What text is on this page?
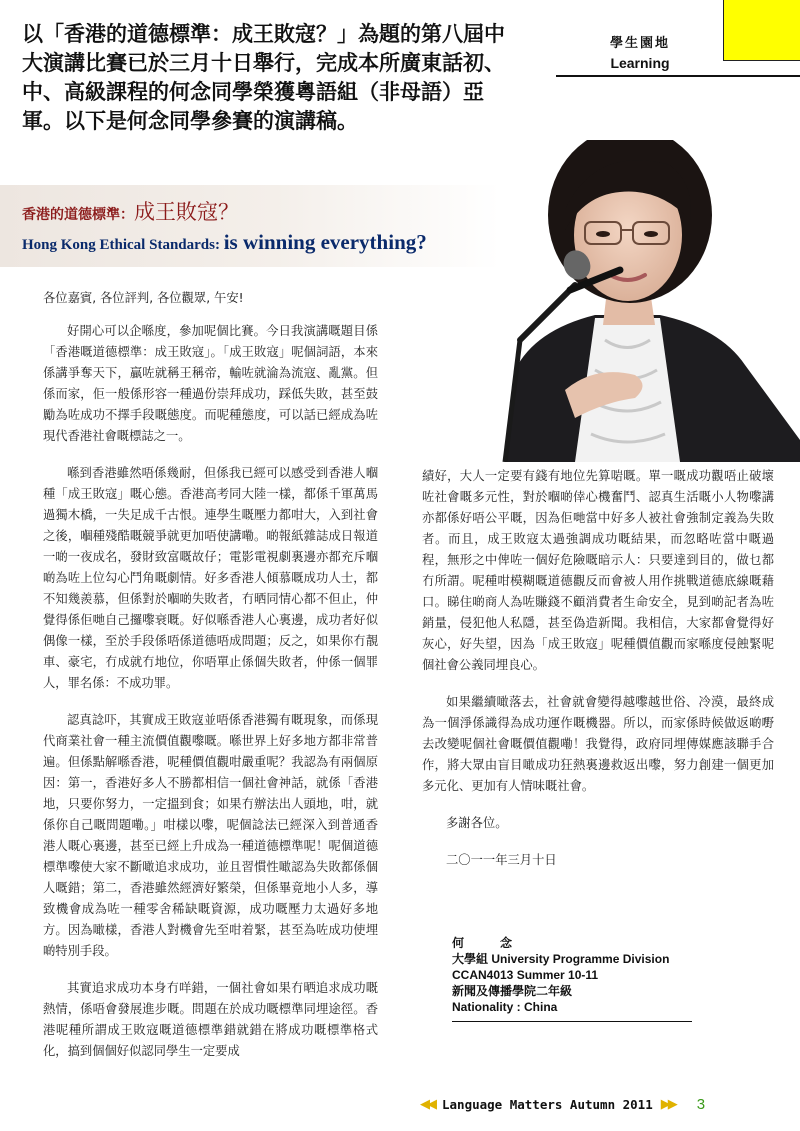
以「香港的道德標準：成王敗寇？」為題的第八屆中大演講比賽已於三月十日舉行，完成本所廣東話初、中、高級課程的何念同學榮獲粵語組（非母語）亞軍。以下是何念同學參賽的演講稿。

學生園地
Learning
香港的道德標準：成王敗寇？
Hong Kong Ethical Standards: is winning everything?

各位嘉賓, 各位評判, 各位觀眾, 午安!

好開心可以企喺度，參加呢個比賽。今日我演講嘅題目係「香港嘅道德標準：成王敗寇」。「成王敗寇」呢個詞語，本來係講爭奪天下，贏咗就稱王稱帝，輸咗就淪為流寇、亂黨。但係而家，佢一般係形容一種過份崇拜成功，踩低失敗，甚至鼓勵為咗成功不擇手段嘅態度。而呢種態度，可以話已經成為咗現代香港社會嘅標誌之一。

喺到香港雖然唔係幾耐，但係我已經可以感受到香港人嗰種「成王敗寇」嘅心態。香港高考同大陸一樣，都係千軍萬馬過獨木橋，一失足成千古恨。連學生嘅壓力都咁大，入到社會之後，嗰種殘酷嘅競爭就更加唔使講嘞。啲報紙雜誌成日報道一啲一夜成名，發財致富嘅故仔；電影電視劇裏邊亦都充斥嗰啲為咗上位勾心鬥角嘅劇情。好多香港人傾慕嘅成功人士，都不知幾羨慕，但係對於嗰啲失敗者，冇晒同情心都不但止，仲覺得係佢哋自己攞嚟衰嘅。好似喺香港人心裏邊，成功者好似偶像一樣，至於手段係唔係道德唔成問題；反之，如果你冇靚車、豪宅，冇成就冇地位，你唔單止係個失敗者，仲係一個罪人，罪名係：不成功罪。

認真諗吓，其實成王敗寇並唔係香港獨有嘅現象，而係現代商業社會一種主流價值觀嚟嘅。喺世界上好多地方都非常普遍。但係點解喺香港，呢種價值觀咁嚴重呢？我認為有兩個原因：第一，香港好多人不勝都相信一個社會神話，就係「香港地，只要你努力，一定搵到食；如果冇辦法出人頭地，咁，就係你自己嘅問題嘞。」咁樣以嚟，呢個諗法已經深入到普通香港人嘅心裏邊，甚至已經上升成為一種道德標準呢！呢個道德標準嚟使大家不斷噉追求成功，並且習慣性噉認為失敗都係個人嘅錯；第二，香港雖然經濟好繁榮，但係畢竟地小人多，導致機會成為咗一種零舍稀缺嘅資源，成功嘅壓力太過好多地方。因為噉樣，香港人對機會先至咁着緊，甚至為咗成功使埋啲特別手段。

其實追求成功本身冇咩錯，一個社會如果冇晒追求成功嘅熱情，係唔會發展進步嘅。問題在於成功嘅標準同埋途徑。香港呢種所謂成王敗寇嘅道德標準錯就錯在將成功嘅標準格式化，搞到個個好似認同學生一定要成

績好，大人一定要有錢有地位先算啱嘅。單一嘅成功觀唔止破壞咗社會嘅多元性，對於嗰啲倖心機奮鬥、認真生活嘅小人物嚟講亦都係好唔公平嘅，因為佢哋當中好多人被社會強制定義為失敗者。而且，成王敗寇太過強調成功嘅結果，而忽略咗當中嘅過程，無形之中俾咗一個好危險嘅暗示人：只要達到目的，做乜都冇所謂。呢種咁模糊嘅道德觀反而會被人用作挑戰道德底線嘅藉口。睇住啲商人為咗賺錢不顧消費者生命安全，見到啲記者為咗銷量，侵犯他人私隱，甚至偽造新聞。我相信，大家都會覺得好灰心，好失望，因為「成王敗寇」呢種價值觀而家喺度侵蝕緊呢個社會公義同埋良心。

如果繼續噉落去，社會就會變得越嚟越世俗、冷漠，最終成為一個淨係識得為成功運作嘅機器。所以，而家係時候做返啲嘢去改變呢個社會嘅價值觀嘞！我覺得，政府同埋傳媒應該聯手合作，將大眾由盲目噉成功狂熱裏邊救返出嚟，努力創建一個更加多元化、更加有人情味嘅社會。

多謝各位。

二〇一一年三月十日

何　念
大學組 University Programme Division
CCAN4013 Summer 10-11
新聞及傳播學院二年級
Nationality : China
◀◀ Language Matters Autumn 2011 ▶▶ 3
